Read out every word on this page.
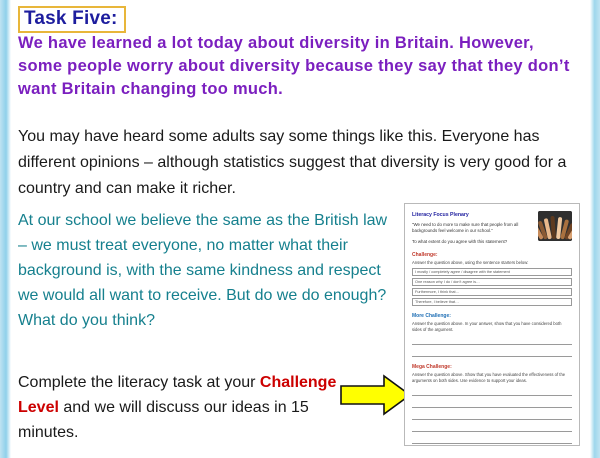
Task Five:
We have learned a lot today about diversity in Britain. However, some people worry about diversity because they say that they don’t want Britain changing too much.
You may have heard some adults say some things like this. Everyone has different opinions – although statistics suggest that diversity is very good for a country and can make it richer.
At our school we believe the same as the British law – we must treat everyone, no matter what their background is, with the same kindness and respect we would all want to receive. But do we do enough? What do you think?
Complete the literacy task at your Challenge Level and we will discuss our ideas in 15 minutes.
Literacy Focus Plenary
“We need to do more to make sure that people from all backgrounds feel welcome in our school.”
To what extent do you agree with this statement?
Challenge:
Answer the question above, using the sentence starters below:
I mostly / completely agree / disagree with the statement
One reason why I do / don’t agree is…
Furthermore, I think that…
Therefore, I believe that…
More Challenge:
Answer the question above. In your answer, show that you have considered both sides of the argument.
Mega Challenge:
Answer the question above. Show that you have evaluated the effectiveness of the arguments on both sides. Use evidence to support your ideas.
